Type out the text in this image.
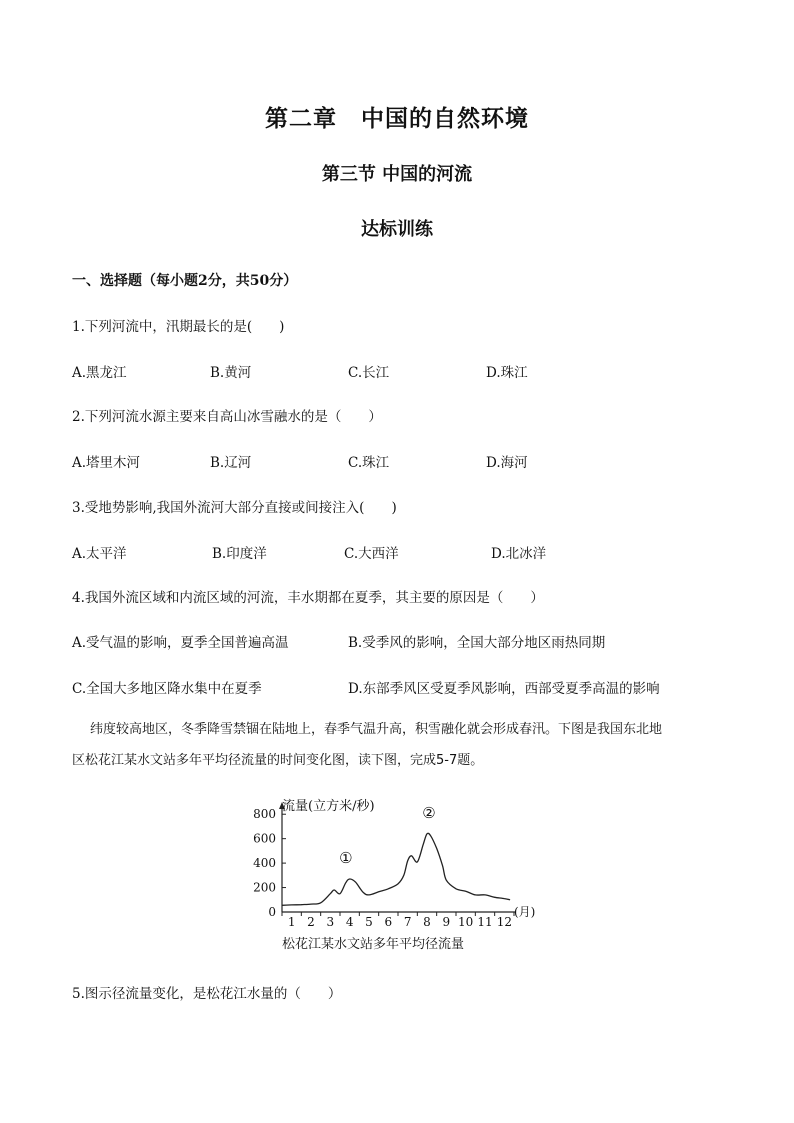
第二章　中国的自然环境
第三节 中国的河流
达标训练
一、选择题（每小题2分，共50分）
1.下列河流中，汛期最长的是(　　)
A.黑龙江	B.黄河	C.长江	D.珠江
2.下列河流水源主要来自高山冰雪融水的是（　　）
A.塔里木河	B.辽河	C.珠江	D.海河
3.受地势影响,我国外流河大部分直接或间接注入(　　)
A.太平洋	B.印度洋	C.大西洋	D.北冰洋
4.我国外流区域和内流区域的河流，丰水期都在夏季，其主要的原因是（　　）
A.受气温的影响，夏季全国普遍高温	B.受季风的影响，全国大部分地区雨热同期
C.全国大多地区降水集中在夏季	D.东部季风区受夏季风影响，西部受夏季高温的影响
纬度较高地区，冬季降雪禁锢在陆地上，春季气温升高，积雪融化就会形成春汛。下图是我国东北地
区松花江某水文站多年平均径流量的时间变化图，读下图，完成5-7题。
流量(立方米/秒)
(月)
松花江某水文站多年平均径流量
0
200
400
600
800
1 2 3 4 5 6 7 8 9 10 11 12
①
②
5.图示径流量变化，是松花江水量的（　　）
